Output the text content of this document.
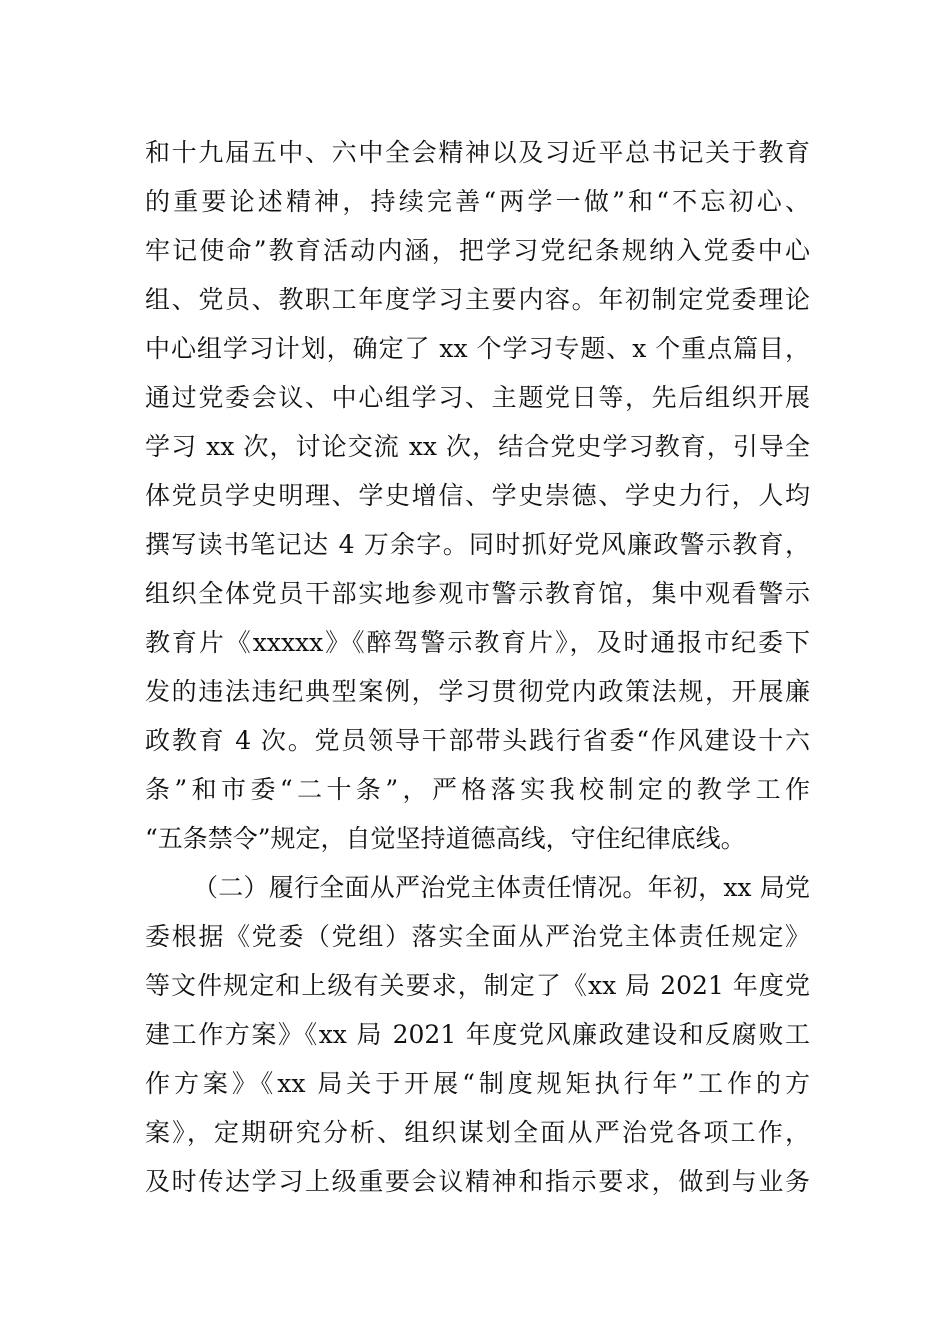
和十九届五中、六中全会精神以及习近平总书记关于教育
的重要论述精神，持续完善“两学一做”和“不忘初心、
牢记使命”教育活动内涵，把学习党纪条规纳入党委中心
组、党员、教职工年度学习主要内容。年初制定党委理论
中心组学习计划，确定了 xx 个学习专题、x 个重点篇目，
通过党委会议、中心组学习、主题党日等，先后组织开展
学习 xx 次，讨论交流 xx 次，结合党史学习教育，引导全
体党员学史明理、学史增信、学史崇德、学史力行，人均
撰写读书笔记达 4 万余字。同时抓好党风廉政警示教育，
组织全体党员干部实地参观市警示教育馆，集中观看警示
教育片《xxxxx》《醉驾警示教育片》，及时通报市纪委下
发的违法违纪典型案例，学习贯彻党内政策法规，开展廉
政教育 4 次。党员领导干部带头践行省委“作风建设十六
条”和市委“二十条”，严格落实我校制定的教学工作
“五条禁令”规定，自觉坚持道德高线，守住纪律底线。
（二）履行全面从严治党主体责任情况。年初，xx 局党
委根据《党委（党组）落实全面从严治党主体责任规定》
等文件规定和上级有关要求，制定了《xx 局 2021 年度党
建工作方案》《xx 局 2021 年度党风廉政建设和反腐败工
作方案》《xx 局关于开展“制度规矩执行年”工作的方
案》，定期研究分析、组织谋划全面从严治党各项工作，
及时传达学习上级重要会议精神和指示要求，做到与业务
